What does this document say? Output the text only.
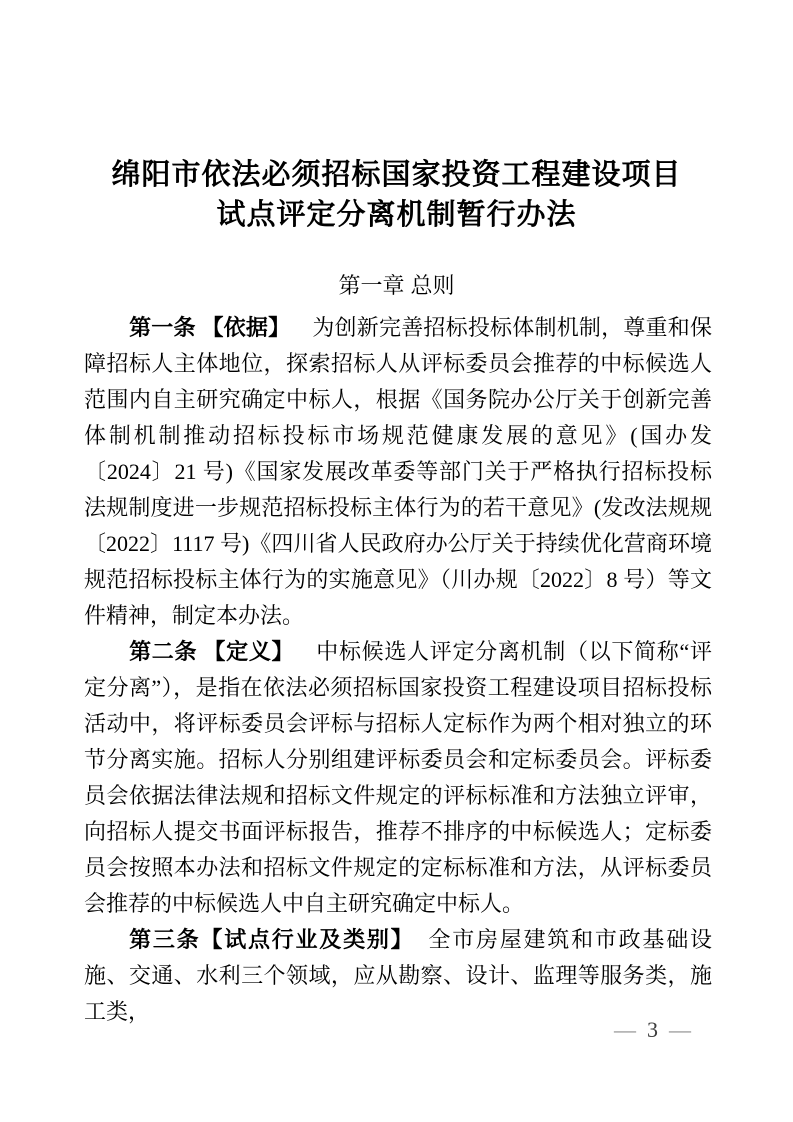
绵阳市依法必须招标国家投资工程建设项目
试点评定分离机制暂行办法
第一章 总则

第一条 【依据】 为创新完善招标投标体制机制，尊重和保障招标人主体地位，探索招标人从评标委员会推荐的中标候选人范围内自主研究确定中标人，根据《国务院办公厅关于创新完善体制机制推动招标投标市场规范健康发展的意见》(国办发〔2024〕21 号)《国家发展改革委等部门关于严格执行招标投标法规制度进一步规范招标投标主体行为的若干意见》(发改法规规〔2022〕1117 号)《四川省人民政府办公厅关于持续优化营商环境规范招标投标主体行为的实施意见》（川办规〔2022〕8 号）等文件精神，制定本办法。

第二条 【定义】 中标候选人评定分离机制（以下简称“评定分离”），是指在依法必须招标国家投资工程建设项目招标投标活动中，将评标委员会评标与招标人定标作为两个相对独立的环节分离实施。招标人分别组建评标委员会和定标委员会。评标委员会依据法律法规和招标文件规定的评标标准和方法独立评审，向招标人提交书面评标报告，推荐不排序的中标候选人；定标委员会按照本办法和招标文件规定的定标标准和方法，从评标委员会推荐的中标候选人中自主研究确定中标人。

第三条【试点行业及类别】 全市房屋建筑和市政基础设施、交通、水利三个领域，应从勘察、设计、监理等服务类，施工类，

— 3 —
